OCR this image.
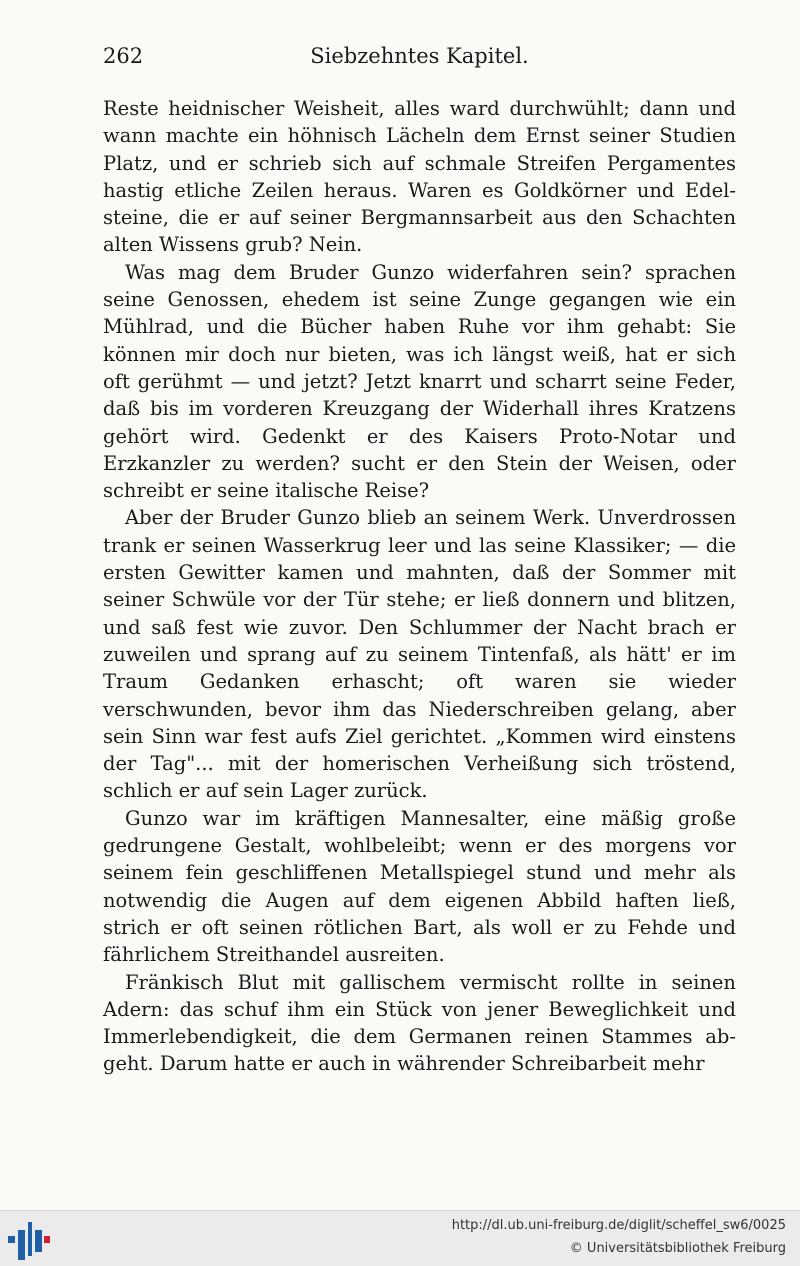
262	Siebzehntes Kapitel.

Reste heidnischer Weisheit, alles ward durchwühlt; dann und wann machte ein höhnisch Lächeln dem Ernst seiner Studien Platz, und er schrieb sich auf schmale Streifen Pergamentes hastig etliche Zeilen heraus. Waren es Goldkörner und Edelsteine, die er auf seiner Bergmannsarbeit aus den Schachten alten Wissens grub? Nein.

Was mag dem Bruder Gunzo widerfahren sein? sprachen seine Genossen, ehedem ist seine Zunge gegangen wie ein Mühlrad, und die Bücher haben Ruhe vor ihm gehabt: Sie können mir doch nur bieten, was ich längst weiß, hat er sich oft gerühmt — und jetzt? Jetzt knarrt und scharrt seine Feder, daß bis im vorderen Kreuzgang der Widerhall ihres Kratzens gehört wird. Gedenkt er des Kaisers Proto-Notar und Erzkanzler zu werden? sucht er den Stein der Weisen, oder schreibt er seine italische Reise?

Aber der Bruder Gunzo blieb an seinem Werk. Unverdrossen trank er seinen Wasserkrug leer und las seine Klassiker; — die ersten Gewitter kamen und mahnten, daß der Sommer mit seiner Schwüle vor der Tür stehe; er ließ donnern und blitzen, und saß fest wie zuvor. Den Schlummer der Nacht brach er zuweilen und sprang auf zu seinem Tintenfaß, als hätt' er im Traum Gedanken erhascht; oft waren sie wieder verschwunden, bevor ihm das Niederschreiben gelang, aber sein Sinn war fest aufs Ziel gerichtet. „Kommen wird einstens der Tag"... mit der homerischen Verheißung sich tröstend, schlich er auf sein Lager zurück.

Gunzo war im kräftigen Mannesalter, eine mäßig große gedrungene Gestalt, wohlbeleibt; wenn er des morgens vor seinem fein geschliffenen Metallspiegel stund und mehr als notwendig die Augen auf dem eigenen Abbild haften ließ, strich er oft seinen rötlichen Bart, als woll er zu Fehde und fährlichem Streithandel ausreiten.

Fränkisch Blut mit gallischem vermischt rollte in seinen Adern: das schuf ihm ein Stück von jener Beweglichkeit und Immerlebendigkeit, die dem Germanen reinen Stammes abgeht. Darum hatte er auch in währender Schreibarbeit mehr

http://dl.ub.uni-freiburg.de/diglit/scheffel_sw6/0025
© Universitätsbibliothek Freiburg
